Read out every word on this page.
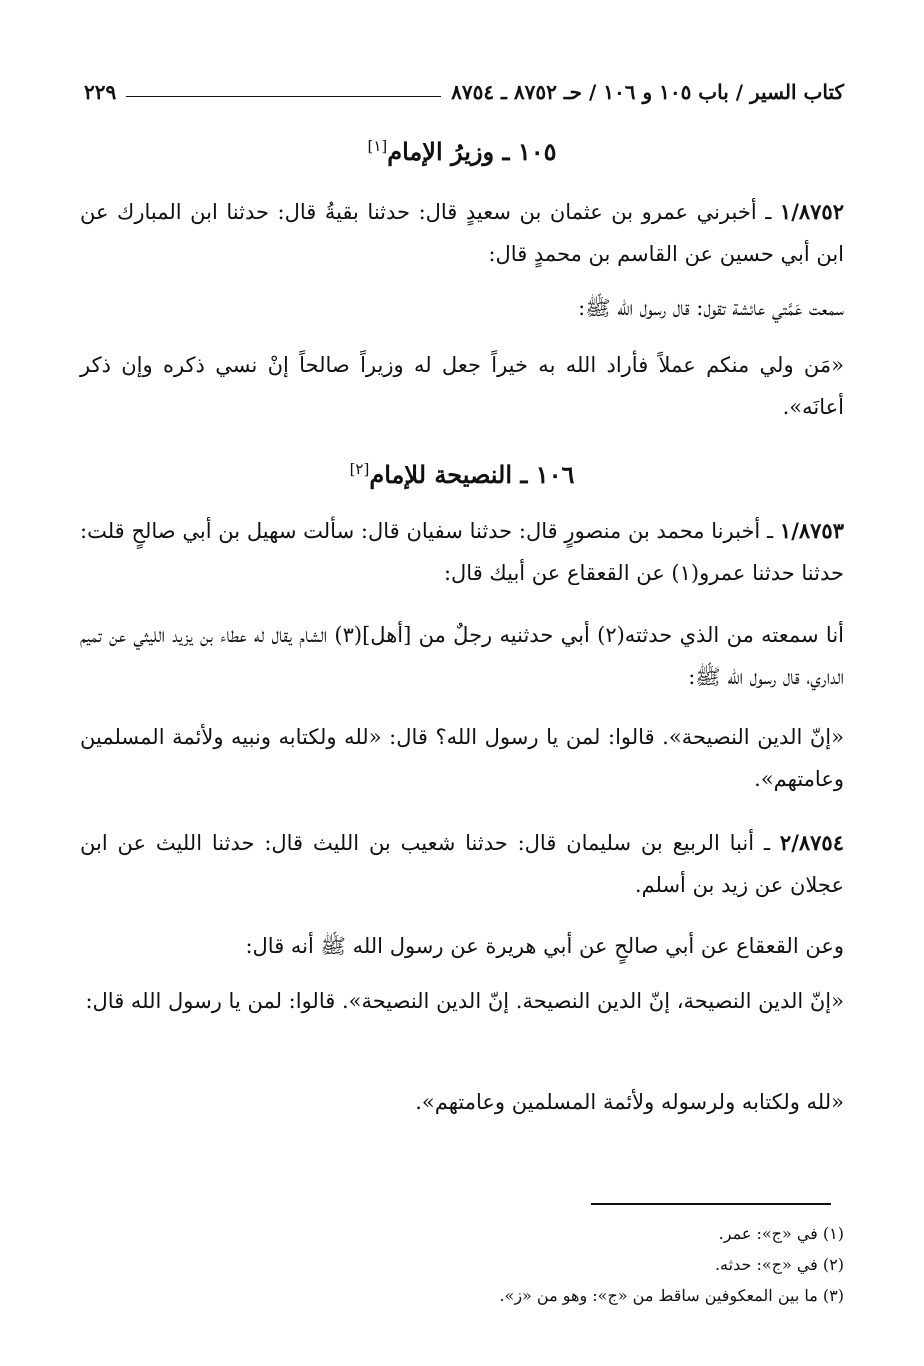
كتاب السير / باب ١٠٥ و ١٠٦ / حـ ٨٧٥٢ ـ ٨٧٥٤
٢٢٩
١٠٥ ـ وزيرُ الإمام[١]
١/٨٧٥٢ ـ أخبرني عمرو بن عثمان بن سعيدٍ قال: حدثنا بقيةُ قال: حدثنا ابن المبارك عن ابن أبي حسين عن القاسم بن محمدٍ قال:
سمعت عَمَّتي عائشة تقول: قال رسول الله ﷺ:
«مَن ولي منكم عملاً فأراد الله به خيراً جعل له وزيراً صالحاً إنْ نسي ذكره وإن ذكر أعانَه».
١٠٦ ـ النصيحة للإمام[٢]
١/٨٧٥٣ ـ أخبرنا محمد بن منصورٍ قال: حدثنا سفيان قال: سألت سهيل بن أبي صالحٍ قلت: حدثنا حدثنا عمرو(١) عن القعقاع عن أبيك قال:
أنا سمعته من الذي حدثته(٢) أبي حدثنيه رجلٌ من [أهل](٣) الشام يقال له عطاء بن يزيد الليثي عن تميم الداري، قال رسول الله ﷺ:
«إنّ الدين النصيحة». قالوا: لمن يا رسول الله؟ قال: «لله ولكتابه ونبيه ولأئمة المسلمين وعامتهم».
٢/٨٧٥٤ ـ أنبا الربيع بن سليمان قال: حدثنا شعيب بن الليث قال: حدثنا الليث عن ابن عجلان عن زيد بن أسلم.
وعن القعقاع عن أبي صالحٍ عن أبي هريرة عن رسول الله ﷺ أنه قال:
«إنّ الدين النصيحة، إنّ الدين النصيحة. إنّ الدين النصيحة». قالوا: لمن يا رسول الله قال:
«لله ولكتابه ولرسوله ولأئمة المسلمين وعامتهم».
(١) في «ج»: عمر.
(٢) في «ج»: حدثه.
(٣) ما بين المعكوفين ساقط من «ج»: وهو من «ز».
